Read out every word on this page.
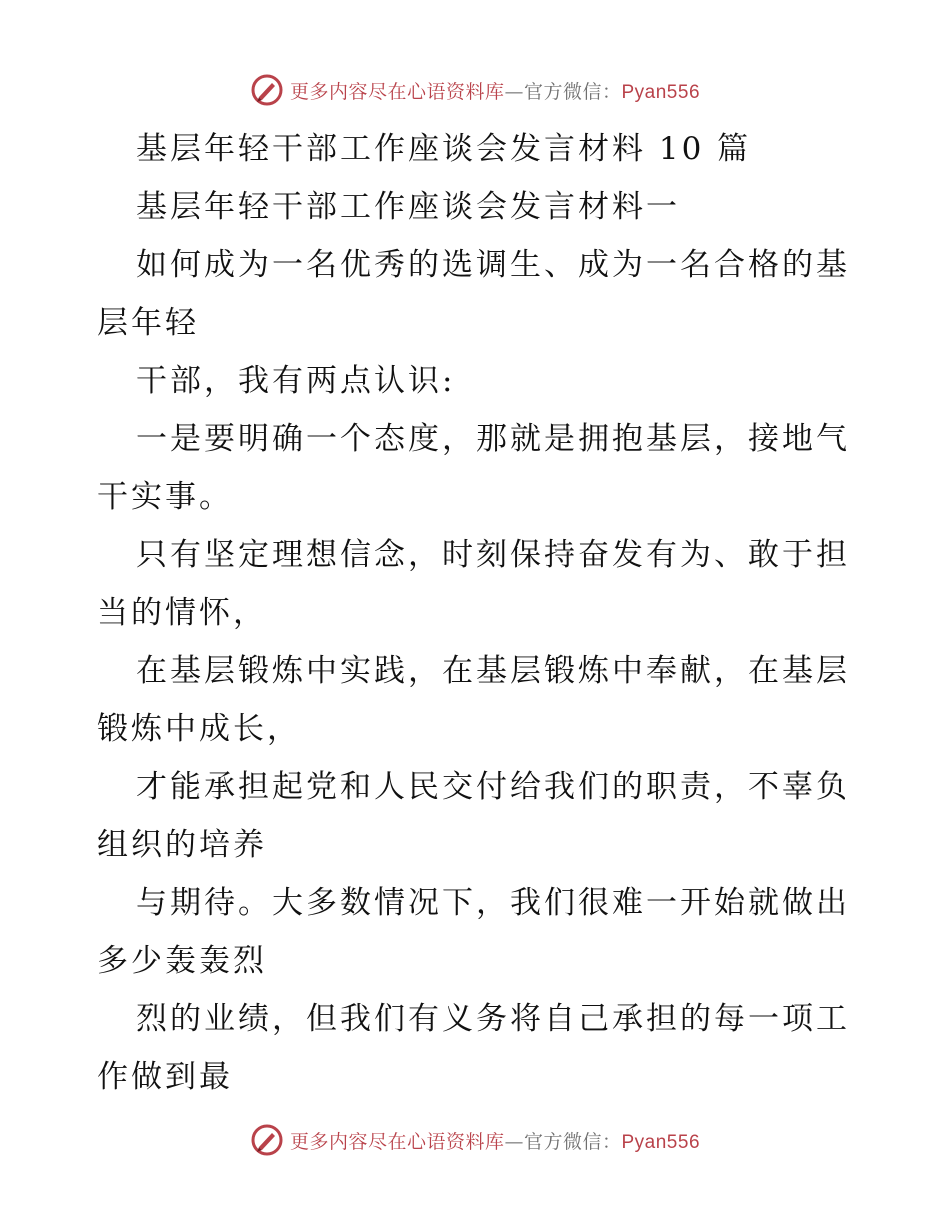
更多内容尽在心语资料库—官方微信：Pyan556
基层年轻干部工作座谈会发言材料 10 篇
基层年轻干部工作座谈会发言材料一
如何成为一名优秀的选调生、成为一名合格的基
层年轻
干部，我有两点认识:
一是要明确一个态度，那就是拥抱基层，接地气
干实事。
只有坚定理想信念，时刻保持奋发有为、敢于担
当的情怀，
在基层锻炼中实践，在基层锻炼中奉献，在基层
锻炼中成长，
才能承担起党和人民交付给我们的职责，不辜负
组织的培养
与期待。大多数情况下，我们很难一开始就做出
多少轰轰烈
烈的业绩，但我们有义务将自己承担的每一项工
作做到最
更多内容尽在心语资料库—官方微信：Pyan556
